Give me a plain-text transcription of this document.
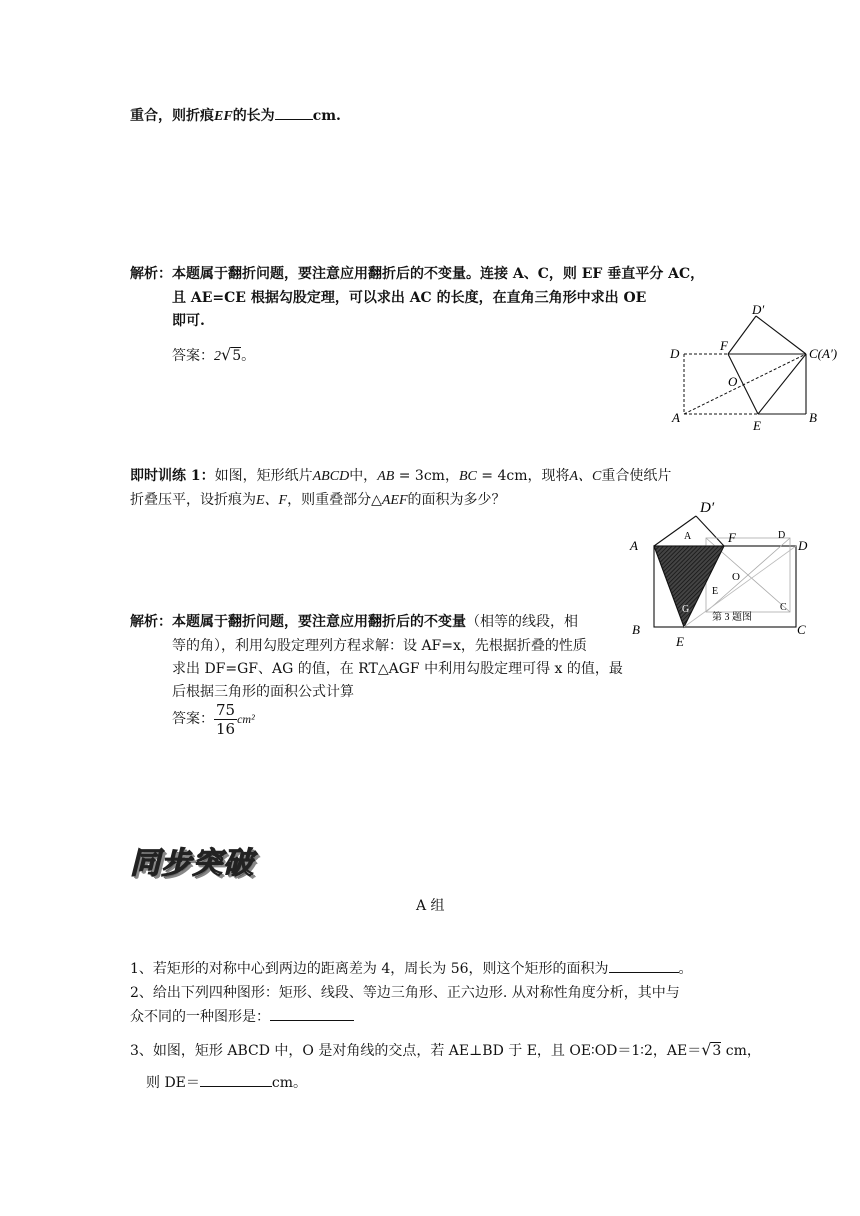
重合，则折痕EF的长为	cm.
解析：本题属于翻折问题，要注意应用翻折后的不变量。连接 A、C，则 EF 垂直平分 AC，
且 AE=CE 根据勾股定理，可以求出 AC 的长度，在直角三角形中求出 OE
即可.
答案：2√5。
D′
D
F
C(A′)
O
A
E
B
即时训练 1：如图，矩形纸片ABCD中，AB = 3cm，BC = 4cm，现将A、C重合使纸片
折叠压平，设折痕为E、F，则重叠部分△AEF的面积为多少？
A
D′
A	F	D
D
O
E
C
G
第 3 题图
B
E
C
解析：本题属于翻折问题，要注意应用翻折后的不变量（相等的线段，相
等的角），利用勾股定理列方程求解：设 AF=x，先根据折叠的性质
求出 DF=GF、AG 的值，在 RT△AGF 中利用勾股定理可得 x 的值，最
后根据三角形的面积公式计算
答案： $\frac{75}{16} cm^2$
同步突破
A 组
1、若矩形的对称中心到两边的距离差为 4，周长为 56，则这个矩形的面积为	。
2、给出下列四种图形：矩形、线段、等边三角形、正六边形. 从对称性角度分析，其中与
众不同的一种图形是：
3、如图，矩形 ABCD 中，O 是对角线的交点，若 AE⊥BD 于 E，且 OE∶OD＝1∶2，AE＝√3 cm，
则 DE＝	cm。
